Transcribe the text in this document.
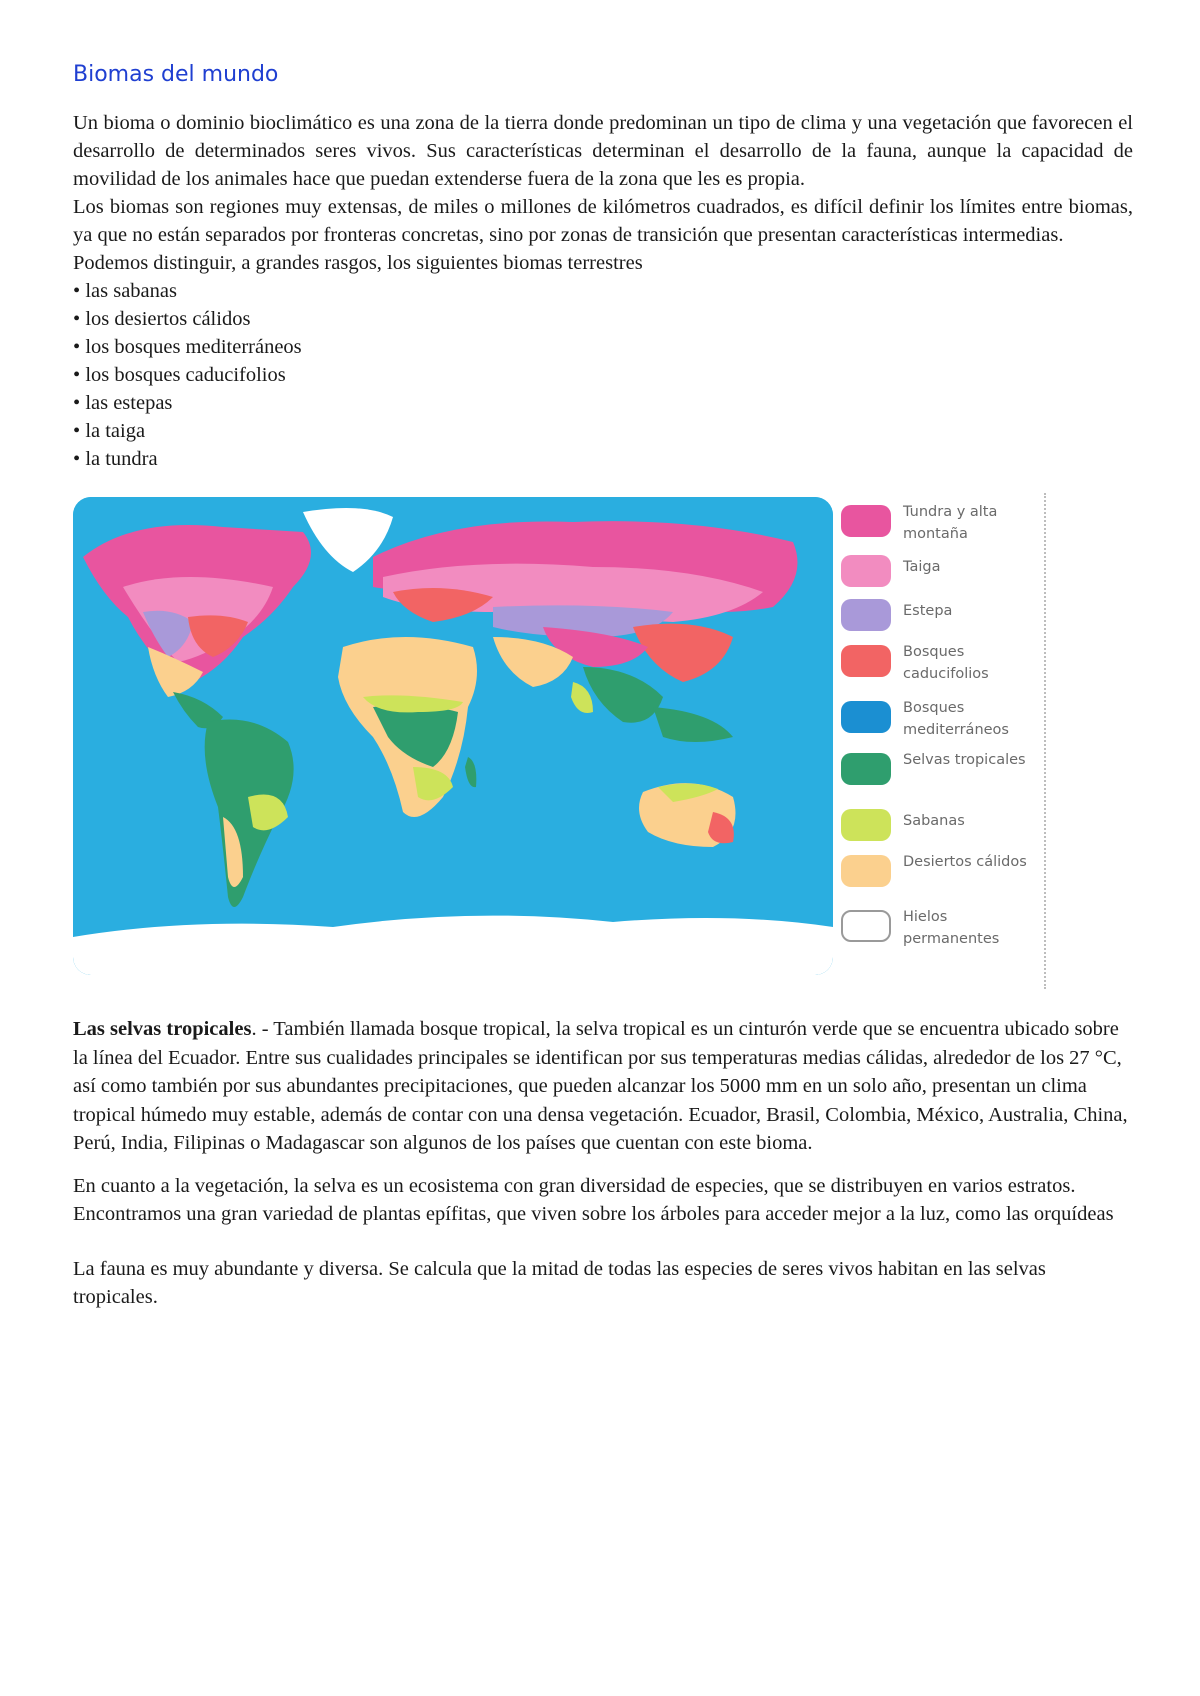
Biomas del mundo

Un bioma o dominio bioclimático es una zona de la tierra donde predominan un tipo de clima y una vegetación que favorecen el desarrollo de determinados seres vivos. Sus características determinan el desarrollo de la fauna, aunque la capacidad de movilidad de los animales hace que puedan extenderse fuera de la zona que les es propia.

Los biomas son regiones muy extensas, de miles o millones de kilómetros cuadrados, es difícil definir los límites entre biomas, ya que no están separados por fronteras concretas, sino por zonas de transición que presentan características intermedias.

Podemos distinguir, a grandes rasgos, los siguientes biomas terrestres

• las sabanas
• los desiertos cálidos
• los bosques mediterráneos
• los bosques caducifolios
• las estepas
• la taiga
• la tundra
Tundra y alta montaña
Taiga
Estepa
Bosques caducifolios
Bosques mediterráneos
Selvas tropicales
Sabanas
Desiertos cálidos
Hielos permanentes

Las selvas tropicales. - También llamada bosque tropical, la selva tropical es un cinturón verde que se encuentra ubicado sobre la línea del Ecuador. Entre sus cualidades principales se identifican por sus temperaturas medias cálidas, alrededor de los 27 °C, así como también por sus abundantes precipitaciones, que pueden alcanzar los 5000 mm en un solo año, presentan un clima tropical húmedo muy estable, además de contar con una densa vegetación. Ecuador, Brasil, Colombia, México, Australia, China, Perú, India, Filipinas o Madagascar son algunos de los países que cuentan con este bioma.

En cuanto a la vegetación, la selva es un ecosistema con gran diversidad de especies, que se distribuyen en varios estratos. Encontramos una gran variedad de plantas epífitas, que viven sobre los árboles para acceder mejor a la luz, como las orquídeas

La fauna es muy abundante y diversa. Se calcula que la mitad de todas las especies de seres vivos habitan en las selvas tropicales.
